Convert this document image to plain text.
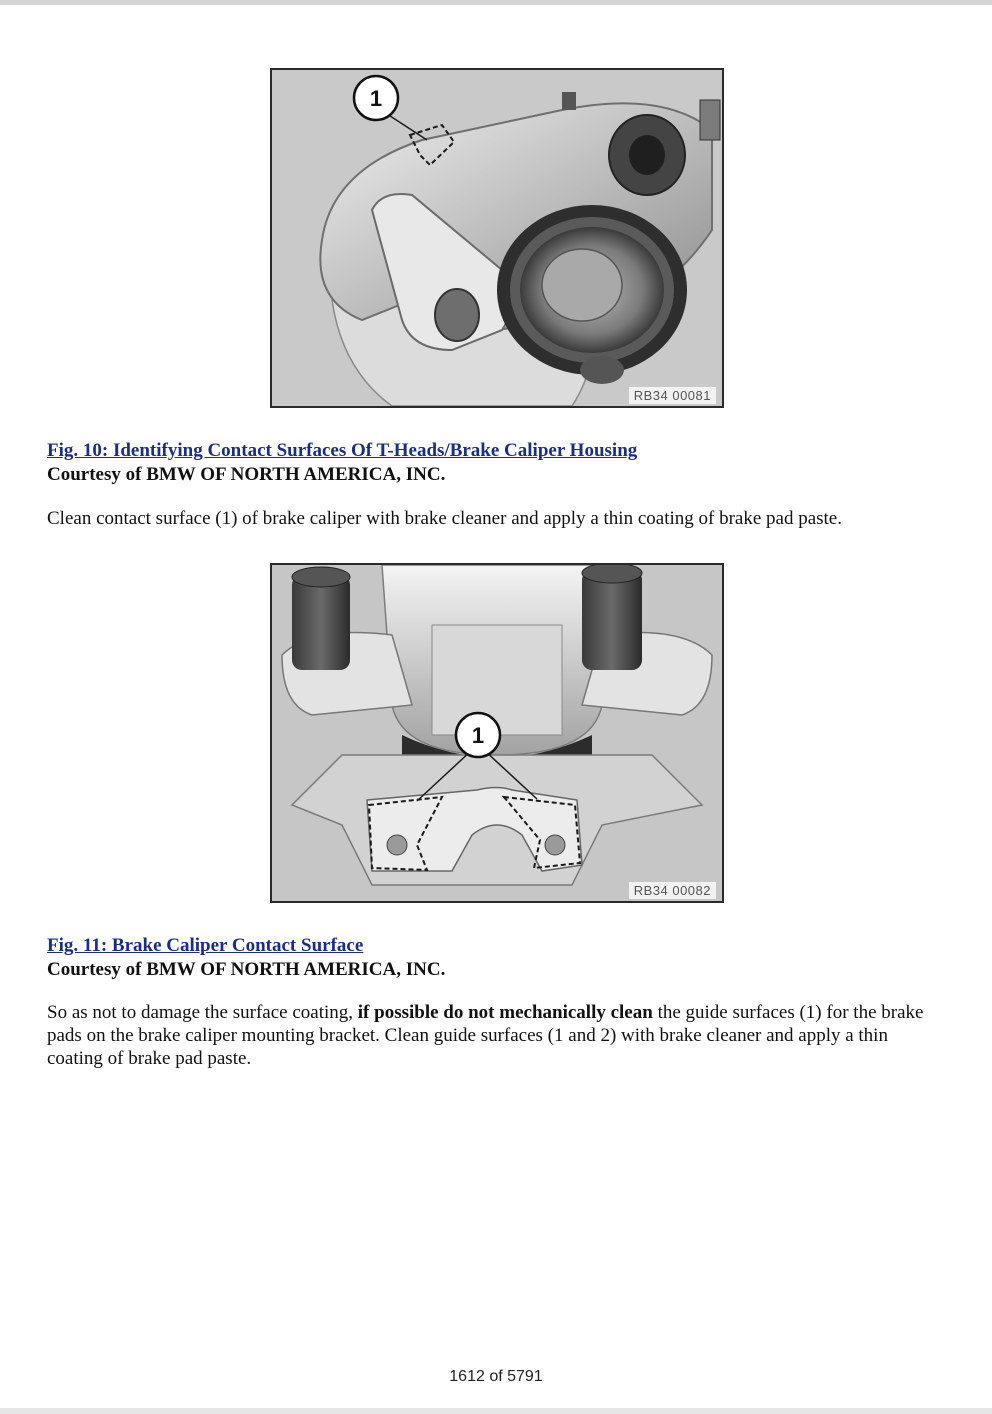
1
RB34 00081
Fig. 10: Identifying Contact Surfaces Of T-Heads/Brake Caliper Housing
Courtesy of BMW OF NORTH AMERICA, INC.

Clean contact surface (1) of brake caliper with brake cleaner and apply a thin coating of brake pad paste.

1
RB34 00082
Fig. 11: Brake Caliper Contact Surface
Courtesy of BMW OF NORTH AMERICA, INC.

So as not to damage the surface coating, if possible do not mechanically clean the guide surfaces (1) for the brake pads on the brake caliper mounting bracket. Clean guide surfaces (1 and 2) with brake cleaner and apply a thin coating of brake pad paste.

1612 of 5791
